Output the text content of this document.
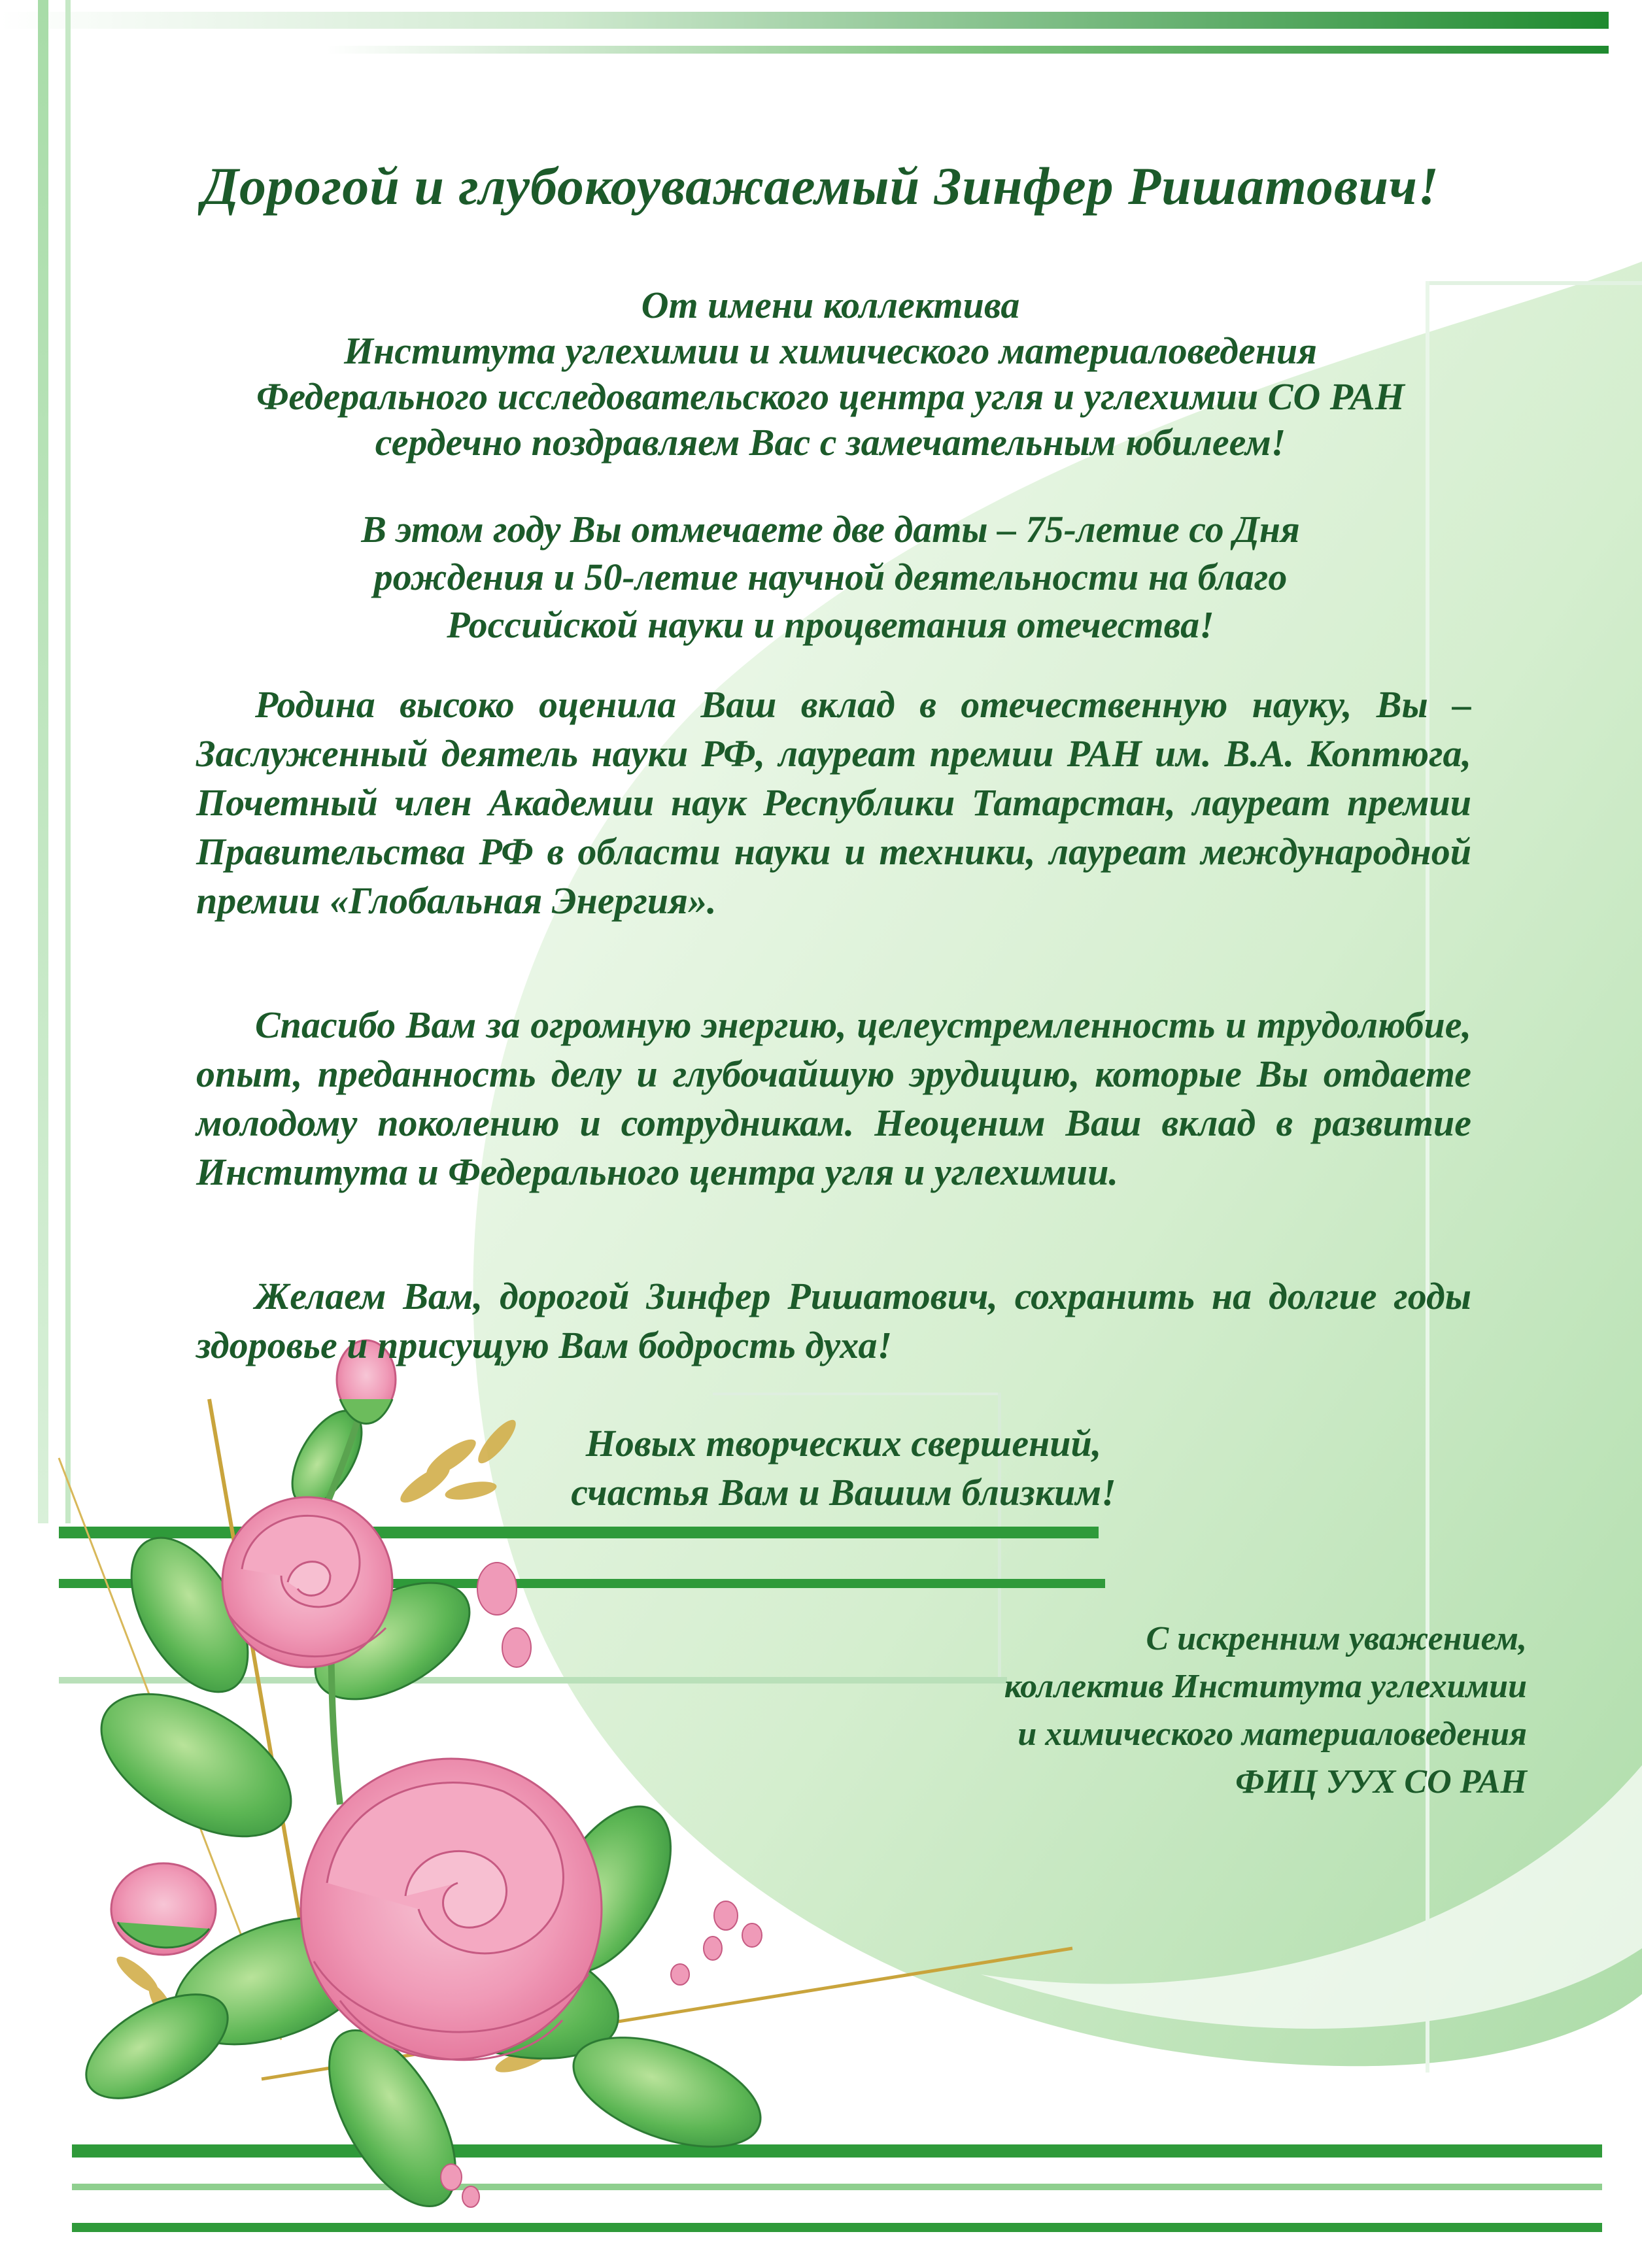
Дорогой и глубокоуважаемый Зинфер Ришатович!
От имени коллектива
Института углехимии и химического материаловедения
Федерального исследовательского центра угля и углехимии СО РАН
сердечно поздравляем Вас с замечательным юбилеем!
В этом году Вы отмечаете две даты – 75-летие со Дня
рождения и 50-летие научной деятельности на благо
Российской науки и процветания отечества!
Родина высоко оценила Ваш вклад в отечественную науку, Вы – Заслуженный деятель науки РФ, лауреат премии РАН им. В.А. Коптюга, Почетный член Академии наук Республики Татарстан, лауреат премии Правительства РФ в области науки и техники, лауреат международной премии «Глобальная Энергия».
Спасибо Вам за огромную энергию, целеустремленность и трудолюбие, опыт, преданность делу и глубочайшую эрудицию, которые Вы отдаете молодому поколению и сотрудникам. Неоценим Ваш вклад в развитие Института и Федерального центра угля и углехимии.
Желаем Вам, дорогой Зинфер Ришатович, сохранить на долгие годы здоровье и присущую Вам бодрость духа!
Новых творческих свершений,
счастья Вам и Вашим близким!
С искренним уважением,
коллектив Института углехимии
и химического материаловедения
ФИЦ УУХ СО РАН
